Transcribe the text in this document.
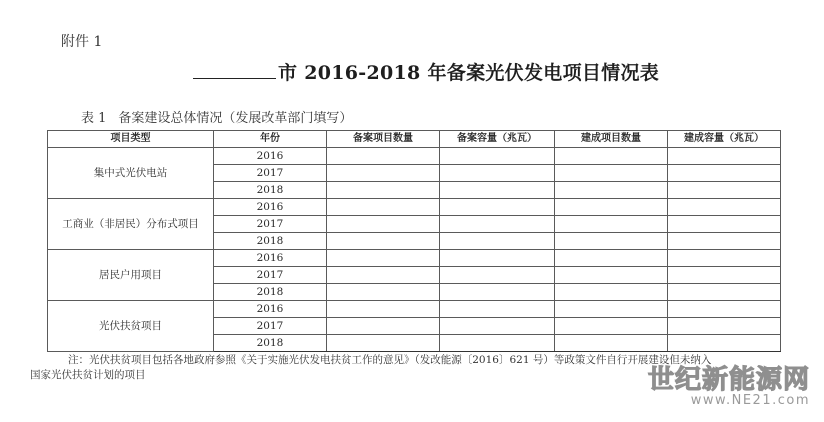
附件 1
市 2016-2018 年备案光伏发电项目情况表
表 1 备案建设总体情况（发展改革部门填写）
项目类型	年份	备案项目数量	备案容量（兆瓦）	建成项目数量	建成容量（兆瓦）
集中式光伏电站	2016				
	2017				
	2018				
工商业（非居民）分布式项目	2016				
	2017				
	2018				
居民户用项目	2016				
	2017				
	2018				
光伏扶贫项目	2016				
	2017				
	2018				
注：光伏扶贫项目包括各地政府参照《关于实施光伏发电扶贫工作的意见》（发改能源〔2016〕621 号）等政策文件自行开展建设但未纳入
国家光伏扶贫计划的项目	世纪新能源网
www.NE21.com
